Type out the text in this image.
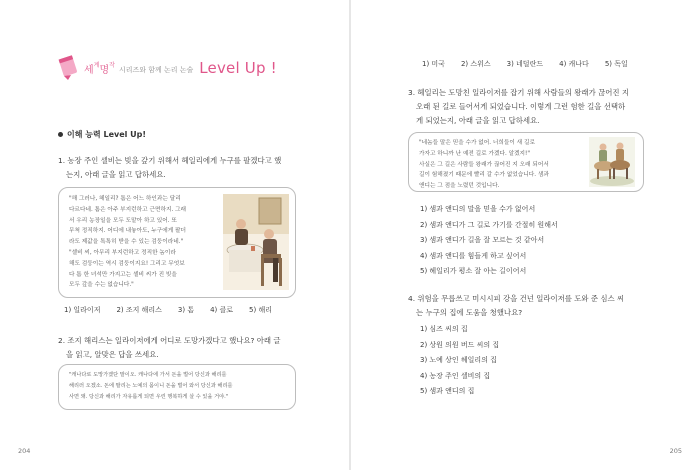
세계명작
시리즈와 함께 논리 논술 Level Up !
이해 능력 Level Up!
1. 농장 주인 셀비는 빚을 갚기 위해서 헤일리에게 누구를 팔겠다고 했
는지, 아래 글을 읽고 답하세요.
"해 그러나, 헤일리? 톰은 어느 하인과는 달리
다르다네. 톰은 아주 부지런하고 근면하지. 그래
서 우리 농장일을 모두 도맡아 하고 있어. 또
무척 정직하지. 어디에 내놓아도, 누구에게 팔더
라도 제값을 톡톡히 받을 수 있는 검둥이라네."
"셀비 씨, 아무리 부지런하고 정직한 놈이라
해도 검둥이는 역시 검둥이지요! 그리고 무엇보
다 톰 한 녀석만 가지고는 셀비 씨가 진 빚을
모두 갚을 수는 없습니다."
1) 일라이저 2) 조지 해리스 3) 톰 4) 클로 5) 해리
2. 조지 해리스는 일라이저에게 어디로 도망가겠다고 했나요? 아래 글
을 읽고, 알맞은 답을 쓰세요.
"캐나다로 도망가겠단 말이오. 캐나다에 가서 돈을 벌어 당신과 해리를
해리러 오겠소. 돈에 팔리는 노예의 몸이니 돈을 벌어 와서 당신과 해리를
사면 돼. 당신과 해리가 자유롭게 되면 우린 행복하게 살 수 있을 거야."
204
1) 미국 2) 스위스 3) 네덜란드 4) 캐나다 5) 독일
3. 헤일리는 도망친 일라이저를 잡기 위해 사람들의 왕래가 끊어진 지
오래 된 길로 들어서게 되었습니다. 이렇게 그런 험한 길을 선택하
게 되었는지, 아래 글을 읽고 답하세요.
"네놈들 말은 믿을 수가 없어. 너희들이 새 길로
가자고 하니까 난 예전 길로 가겠다. 알겠지!"
사실은 그 길은 사람들 왕래가 끊어진 지 오래 되어서
길이 험해졌기 때문에 빨리 갈 수가 없었습니다. 샘과
앤디는 그 점을 노렸던 것입니다.
1) 샘과 앤디의 말을 믿을 수가 없어서
2) 샘과 앤디가 그 길로 가기를 간절히 원해서
3) 샘과 앤디가 길을 잘 모르는 것 같아서
4) 샘과 앤디를 힘들게 하고 싶어서
5) 헤일리가 평소 잘 아는 길이어서
4. 위험을 무릅쓰고 미시시피 강을 건넌 일라이저를 도와 준 심스 씨
는 누구의 집에 도움을 청했나요?
1) 심즈 씨의 집
2) 상원 의원 버드 씨의 집
3) 노예 상인 헤일리의 집
4) 농장 주인 셀비의 집
5) 샘과 앤디의 집
205
